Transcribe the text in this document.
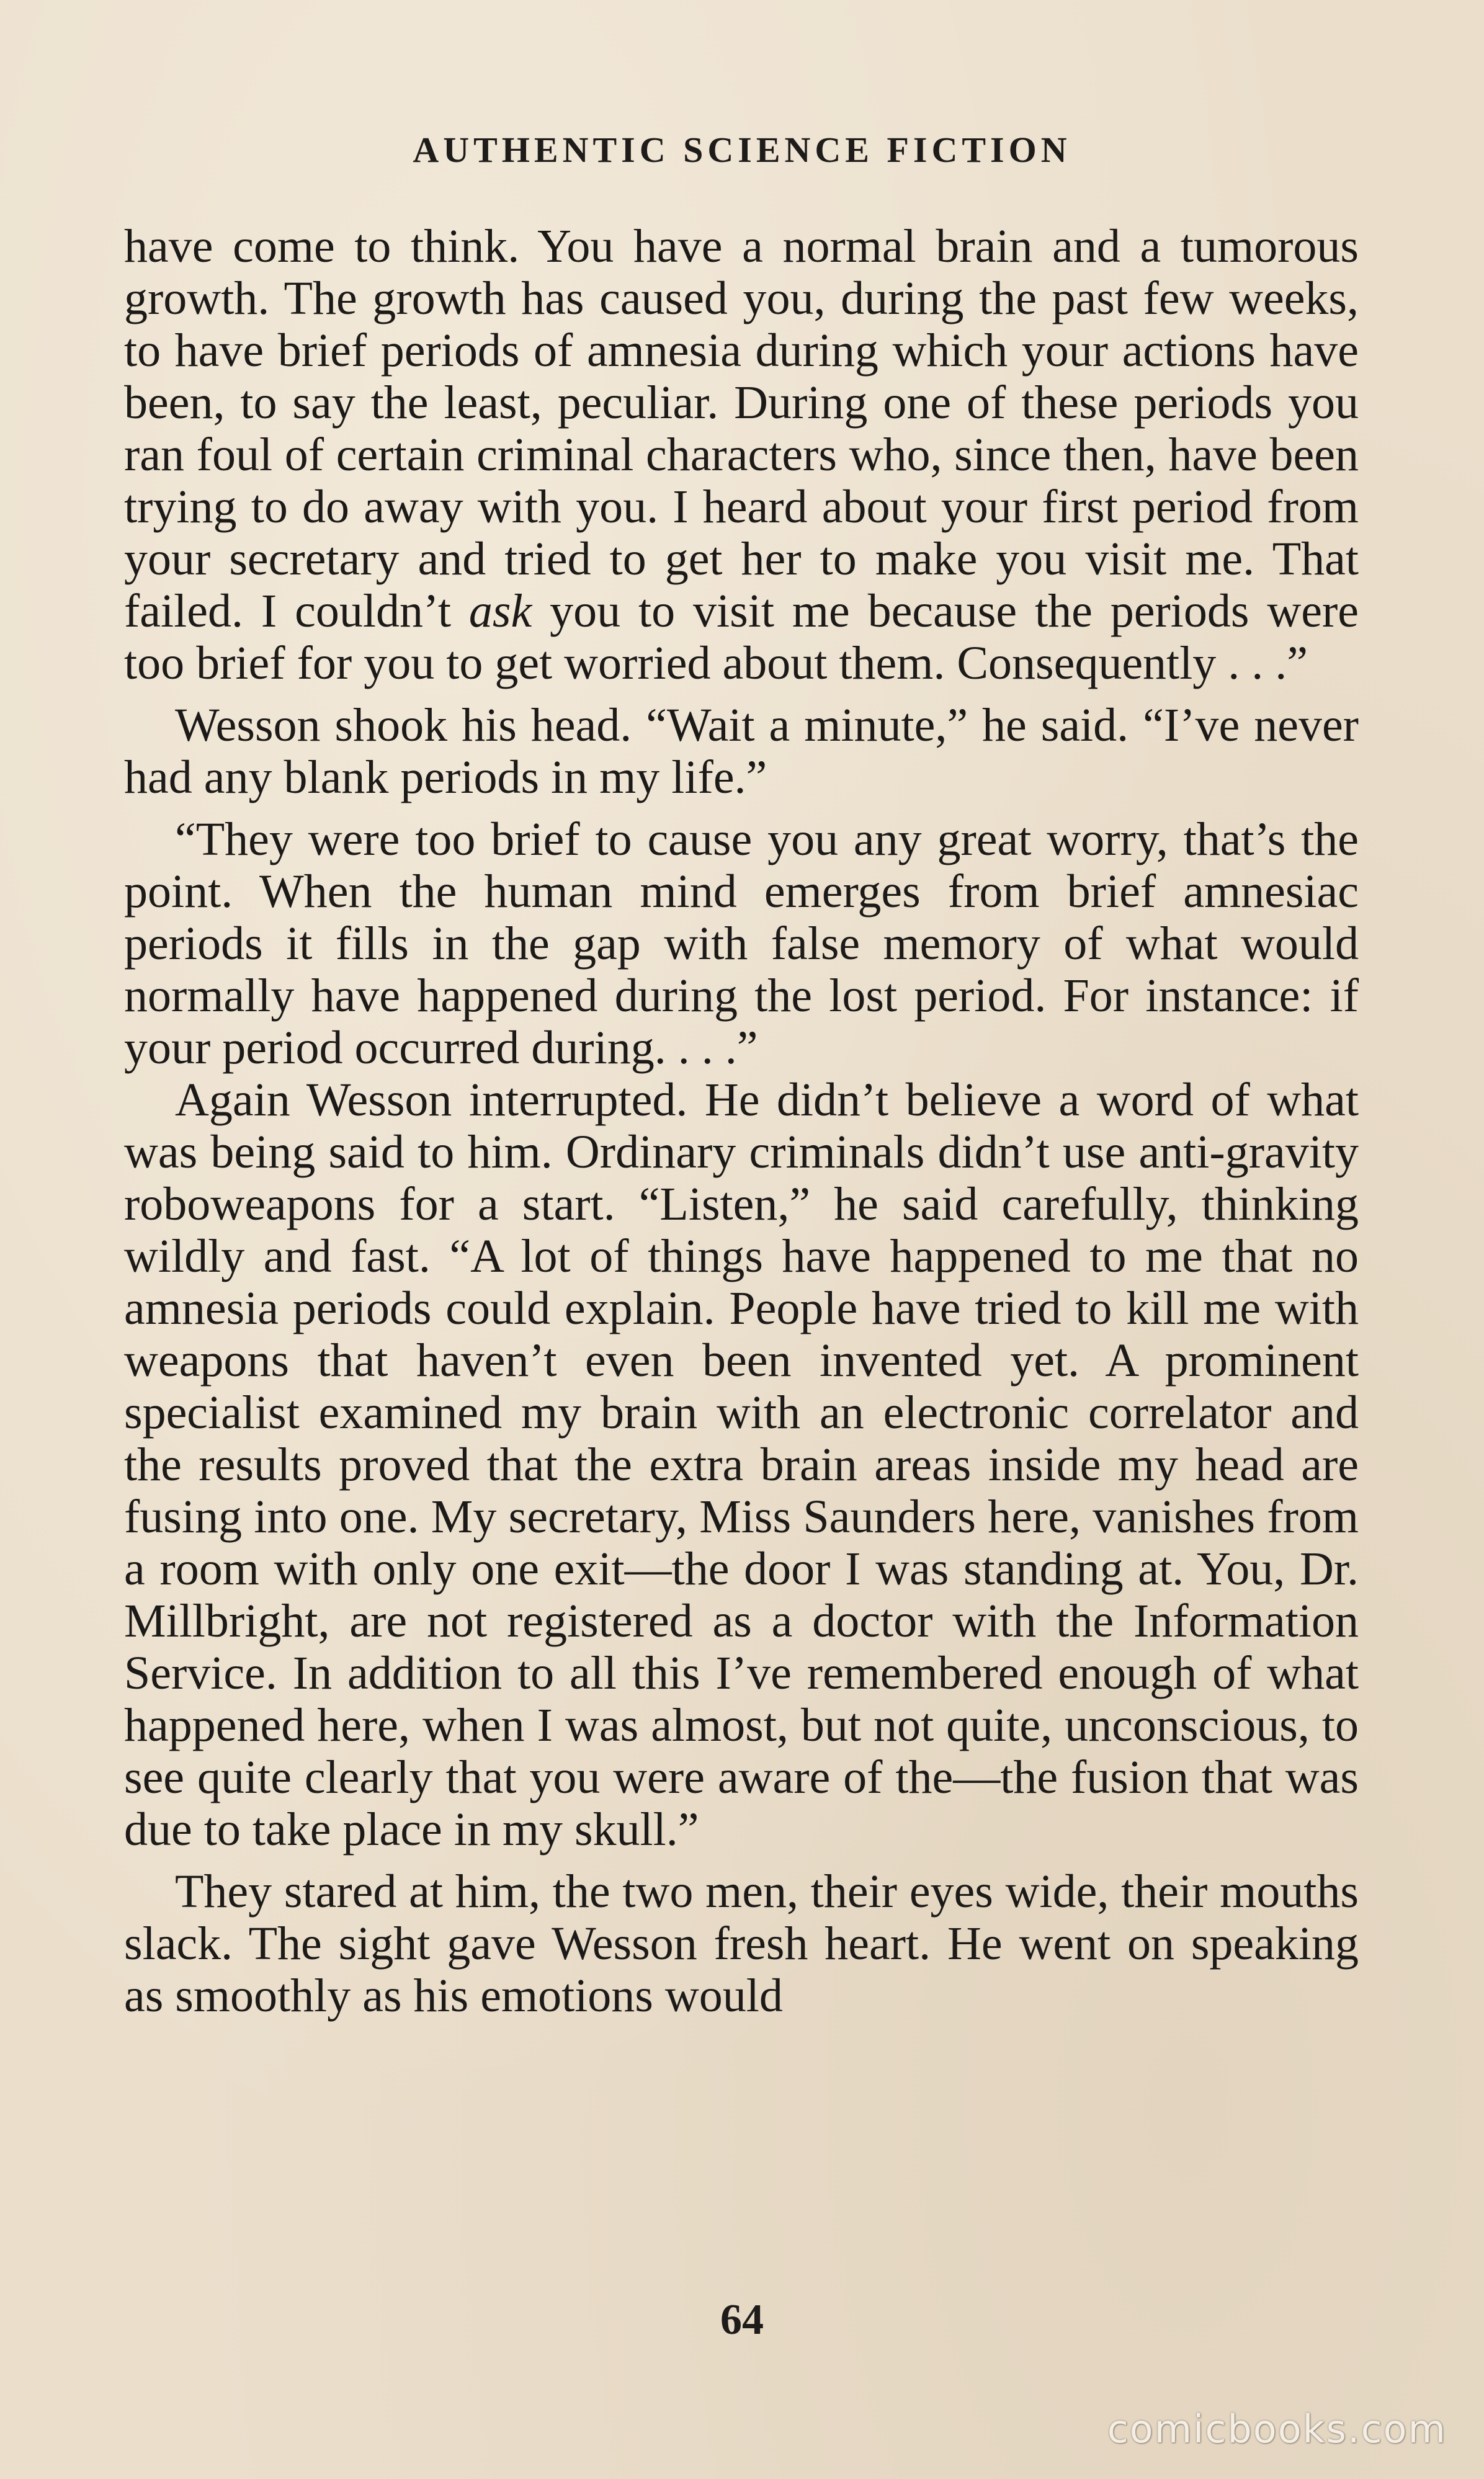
AUTHENTIC SCIENCE FICTION

have come to think. You have a normal brain and a tumorous growth. The growth has caused you, during the past few weeks, to have brief periods of amnesia during which your actions have been, to say the least, peculiar. During one of these periods you ran foul of certain criminal characters who, since then, have been trying to do away with you. I heard about your first period from your secretary and tried to get her to make you visit me. That failed. I couldn’t ask you to visit me because the periods were too brief for you to get worried about them. Consequently . . .”

Wesson shook his head. “Wait a minute,” he said. “I’ve never had any blank periods in my life.”

“They were too brief to cause you any great worry, that’s the point. When the human mind emerges from brief amnesiac periods it fills in the gap with false memory of what would normally have happened during the lost period. For instance: if your period occurred during. . . .”

Again Wesson interrupted. He didn’t believe a word of what was being said to him. Ordinary criminals didn’t use anti-gravity roboweapons for a start. “Listen,” he said carefully, thinking wildly and fast. “A lot of things have happened to me that no amnesia periods could explain. People have tried to kill me with weapons that haven’t even been invented yet. A prominent specialist examined my brain with an electronic correlator and the results proved that the extra brain areas inside my head are fusing into one. My secretary, Miss Saunders here, vanishes from a room with only one exit—the door I was standing at. You, Dr. Millbright, are not registered as a doctor with the Information Service. In addition to all this I’ve remembered enough of what happened here, when I was almost, but not quite, unconscious, to see quite clearly that you were aware of the—the fusion that was due to take place in my skull.”

They stared at him, the two men, their eyes wide, their mouths slack. The sight gave Wesson fresh heart. He went on speaking as smoothly as his emotions would

64
comicbooks.com
